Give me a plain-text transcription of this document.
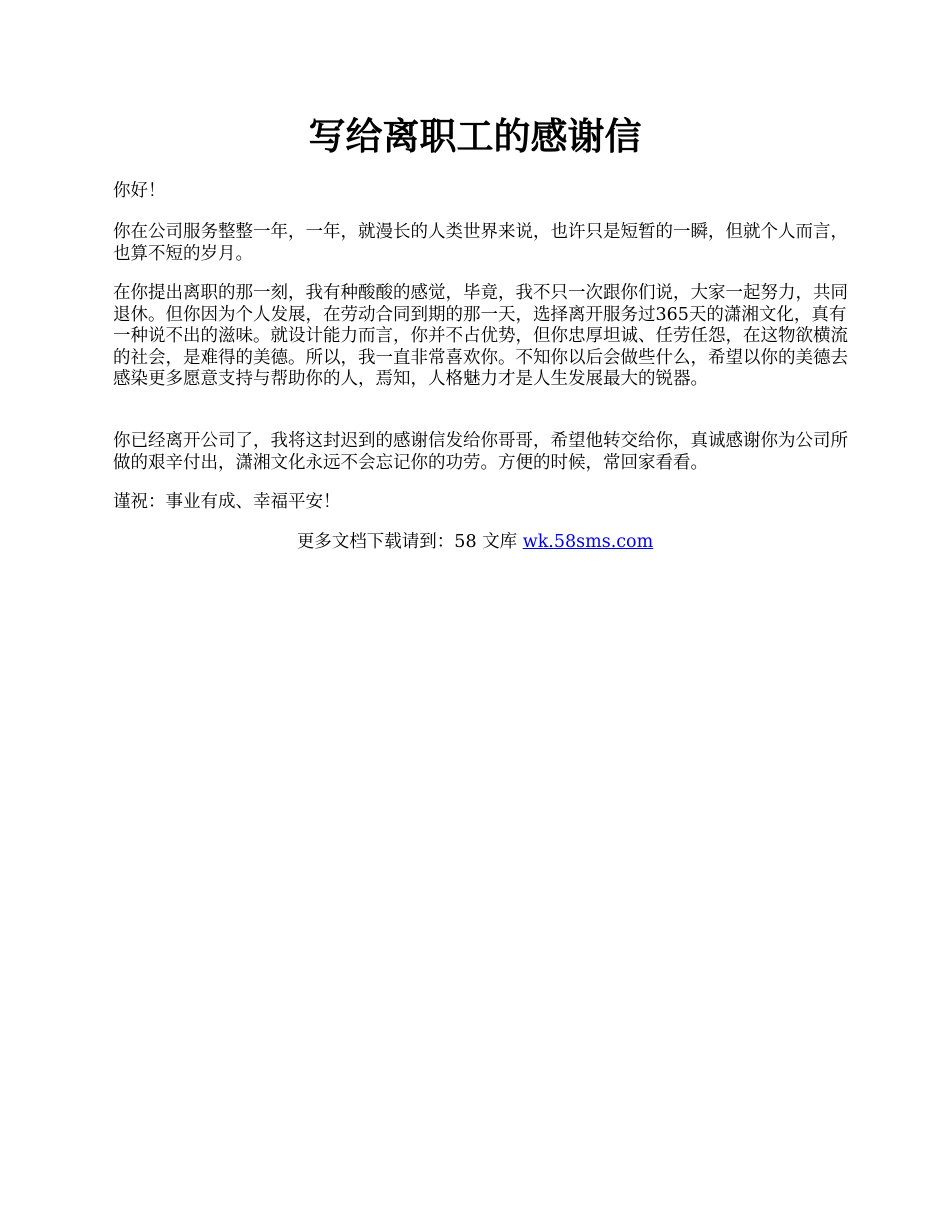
写给离职工的感谢信

你好！

你在公司服务整整一年，一年，就漫长的人类世界来说，也许只是短暂的一瞬，但就个人而言，也算不短的岁月。

在你提出离职的那一刻，我有种酸酸的感觉，毕竟，我不只一次跟你们说，大家一起努力，共同退休。但你因为个人发展，在劳动合同到期的那一天，选择离开服务过365天的潇湘文化，真有一种说不出的滋味。就设计能力而言，你并不占优势，但你忠厚坦诚、任劳任怨，在这物欲横流的社会，是难得的美德。所以，我一直非常喜欢你。不知你以后会做些什么，希望以你的美德去感染更多愿意支持与帮助你的人，焉知，人格魅力才是人生发展最大的锐器。

你已经离开公司了，我将这封迟到的感谢信发给你哥哥，希望他转交给你，真诚感谢你为公司所做的艰辛付出，潇湘文化永远不会忘记你的功劳。方便的时候，常回家看看。

谨祝：事业有成、幸福平安！

更多文档下载请到：58 文库 wk.58sms.com
